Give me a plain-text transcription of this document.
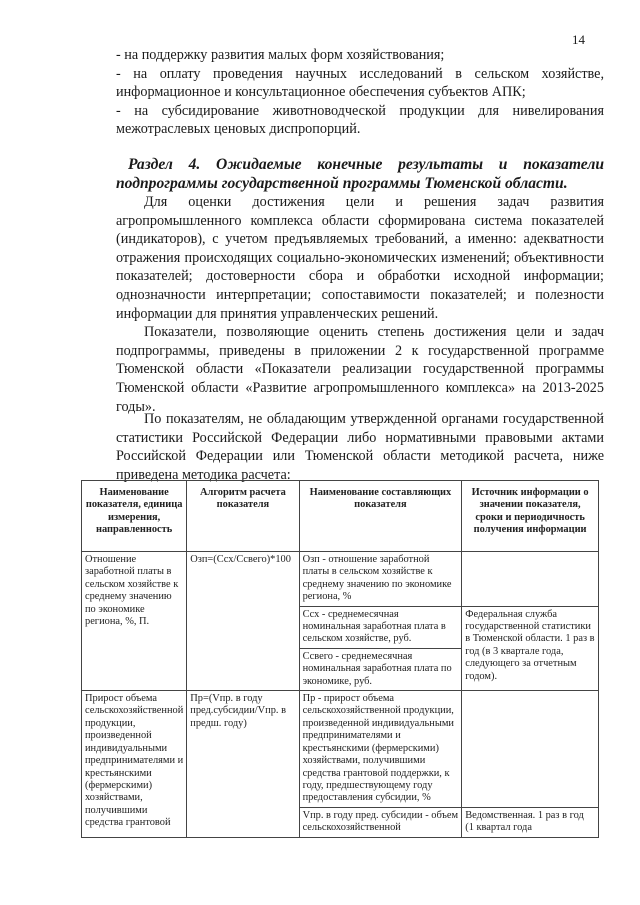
14

- на поддержку развития малых форм хозяйствования;

- на оплату проведения научных исследований в сельском хозяйстве, информационное и консультационное обеспечения субъектов АПК;

- на субсидирование животноводческой продукции для нивелирования межотраслевых ценовых диспропорций.

Раздел 4. Ожидаемые конечные результаты и показатели подпрограммы государственной программы Тюменской области.

Для оценки достижения цели и решения задач развития агропромышленного комплекса области сформирована система показателей (индикаторов), с учетом предъявляемых требований, а именно: адекватности отражения происходящих социально-экономических изменений; объективности показателей; достоверности сбора и обработки исходной информации; однозначности интерпретации; сопоставимости показателей; и полезности информации для принятия управленческих решений.

Показатели, позволяющие оценить степень достижения цели и задач подпрограммы, приведены в приложении 2 к государственной программе Тюменской области «Показатели реализации государственной программы Тюменской области «Развитие агропромышленного комплекса» на 2013-2025 годы».

По показателям, не обладающим утвержденной органами государственной статистики Российской Федерации либо нормативными правовыми актами Российской Федерации или Тюменской области методикой расчета, ниже приведена методика расчета:

Наименование показателя, единица измерения, направленность	Алгоритм расчета показателя	Наименование составляющих показателя	Источник информации о значении показателя, сроки и периодичность получения информации
Отношение заработной платы в сельском хозяйстве к среднему значению по экономике региона, %, П.	Озп=(Ссх/Ссвего)*100	Озп - отношение заработной платы в сельском хозяйстве к среднему значению по экономике региона, %	
		Ссх - среднемесячная номинальная заработная плата в сельском хозяйстве, руб.	Федеральная служба государственной статистики в Тюменской области. 1 раз в год (в 3 квартале года, следующего за отчетным годом).
		Ссвего - среднемесячная номинальная заработная плата по экономике, руб.	
Прирост объема сельскохозяйственной продукции, произведенной индивидуальными предпринимателями и крестьянскими (фермерскими) хозяйствами, получившими средства грантовой	Пр=(Vпр. в году пред.субсидии/Vпр. в предш. году)	Пр - прирост объема сельскохозяйственной продукции, произведенной индивидуальными предпринимателями и крестьянскими (фермерскими) хозяйствами, получившими средства грантовой поддержки, к году, предшествующему году предоставления субсидии, %	
		Vпр. в году пред. субсидии - объем сельскохозяйственной	Ведомственная. 1 раз в год (1 квартал года
